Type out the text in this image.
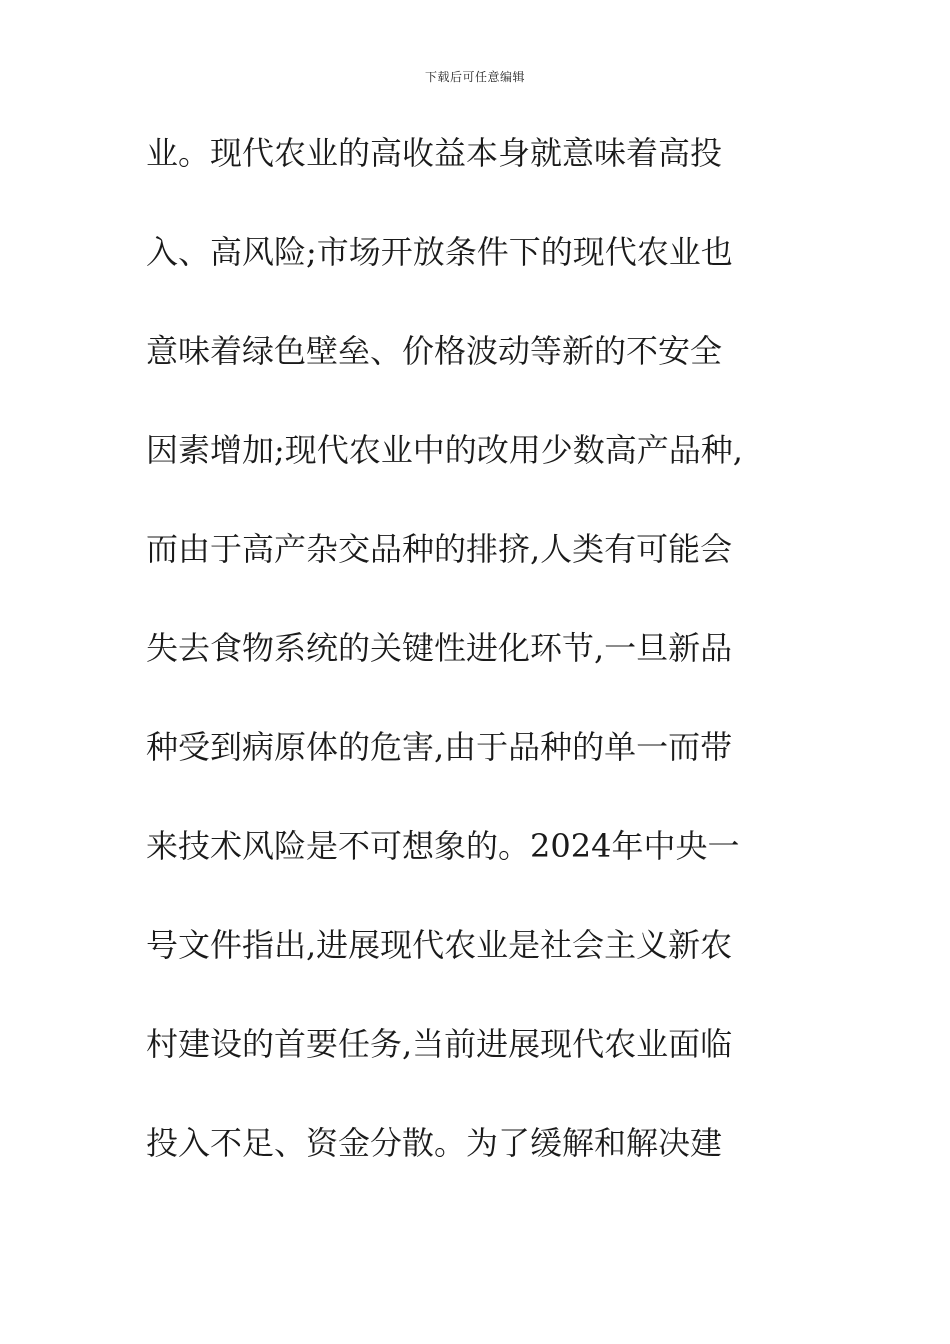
下载后可任意编辑
业。现代农业的高收益本身就意味着高投
入、高风险;市场开放条件下的现代农业也
意味着绿色壁垒、价格波动等新的不安全
因素增加;现代农业中的改用少数高产品种,
而由于高产杂交品种的排挤,人类有可能会
失去食物系统的关键性进化环节,一旦新品
种受到病原体的危害,由于品种的单一而带
来技术风险是不可想象的。2024年中央一
号文件指出,进展现代农业是社会主义新农
村建设的首要任务,当前进展现代农业面临
投入不足、资金分散。为了缓解和解决建
